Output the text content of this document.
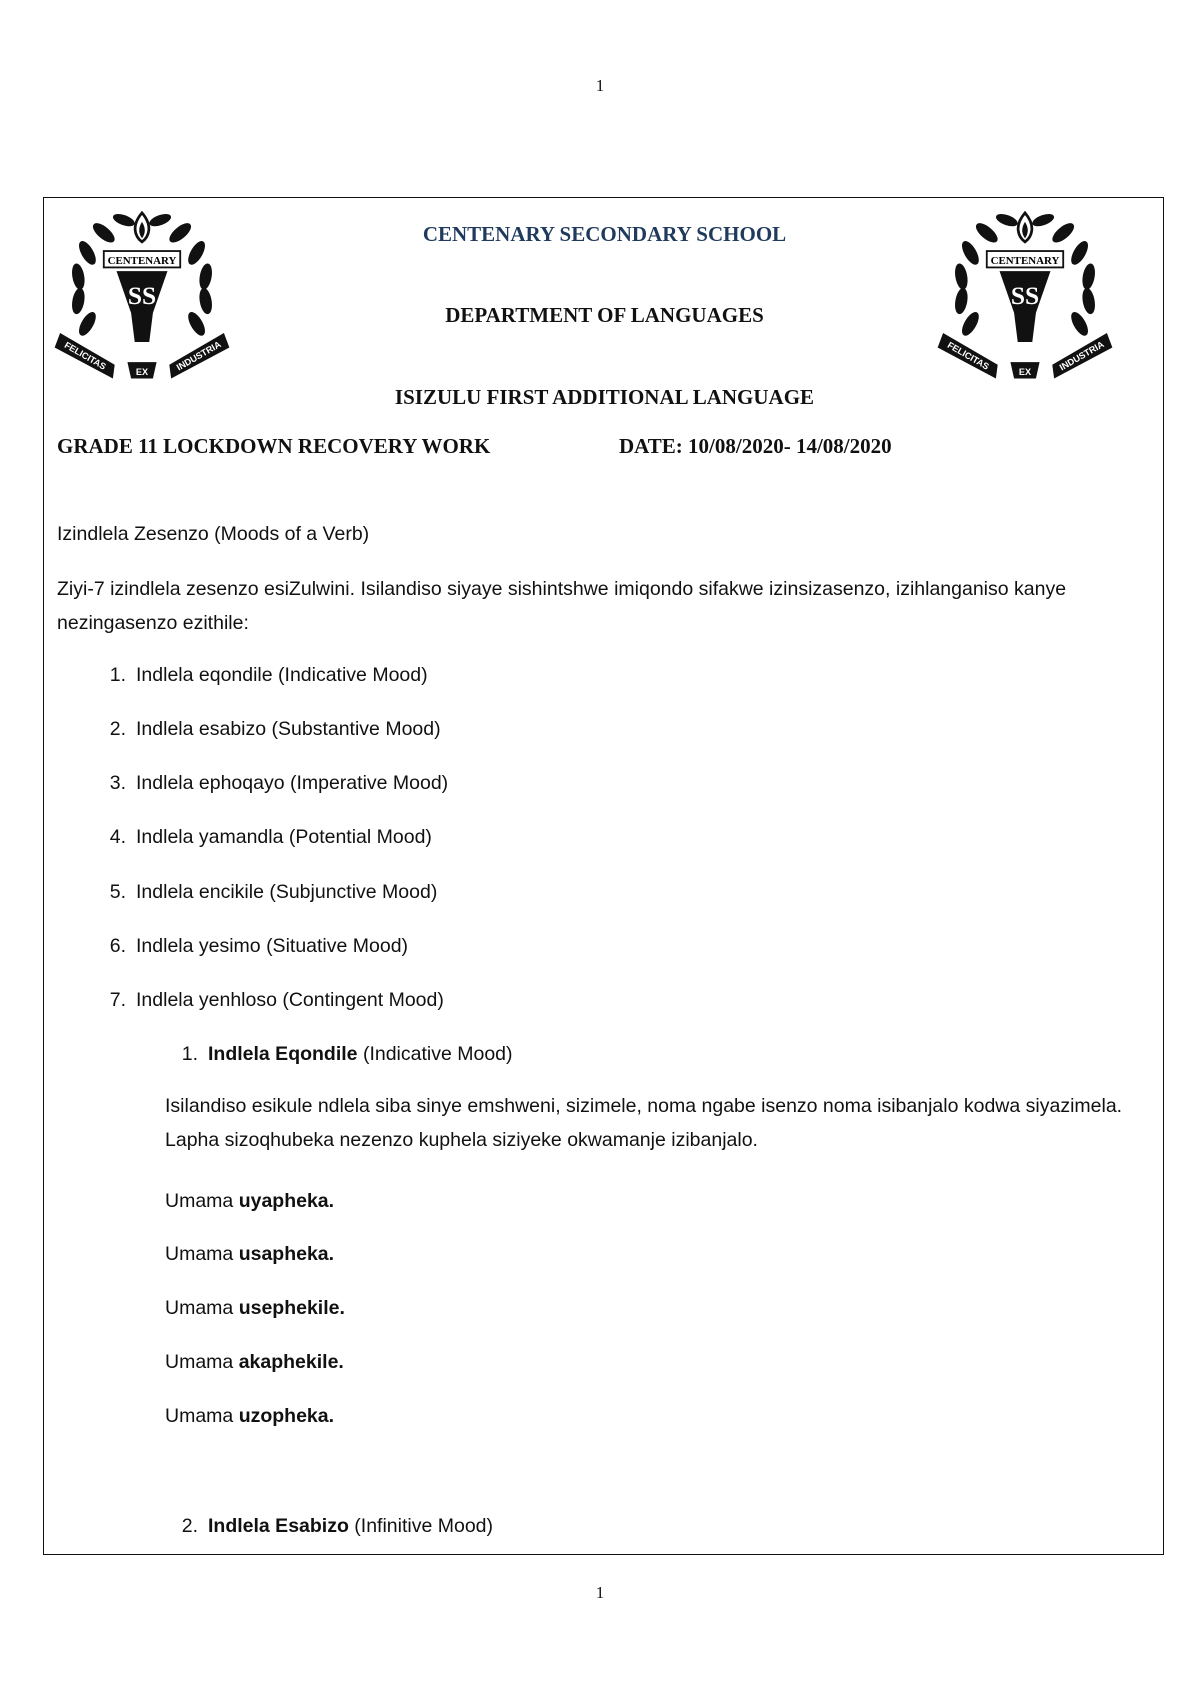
1
CENTENARY
SS
FELICITAS	INDUSTRIA
EX
CENTENARY
SS
FELICITAS	INDUSTRIA
EX
CENTENARY SECONDARY SCHOOL
DEPARTMENT OF LANGUAGES
ISIZULU FIRST ADDITIONAL LANGUAGE
GRADE 11 LOCKDOWN RECOVERY WORK	DATE: 10/08/2020- 14/08/2020
Izindlela Zesenzo (Moods of a Verb)
Ziyi-7 izindlela zesenzo esiZulwini. Isilandiso siyaye sishintshwe imiqondo sifakwe izinsizasenzo, izihlanganiso kanye nezingasenzo ezithile:
1. Indlela eqondile (Indicative Mood)
2. Indlela esabizo (Substantive Mood)
3. Indlela ephoqayo (Imperative Mood)
4. Indlela yamandla (Potential Mood)
5. Indlela encikile (Subjunctive Mood)
6. Indlela yesimo (Situative Mood)
7. Indlela yenhloso (Contingent Mood)
1. Indlela Eqondile (Indicative Mood)
Isilandiso esikule ndlela siba sinye emshweni, sizimele, noma ngabe isenzo noma isibanjalo kodwa siyazimela. Lapha sizoqhubeka nezenzo kuphela siziyeke okwamanje izibanjalo.
Umama uyapheka.
Umama usapheka.
Umama usephekile.
Umama akaphekile.
Umama uzopheka.
2. Indlela Esabizo (Infinitive Mood)
1
